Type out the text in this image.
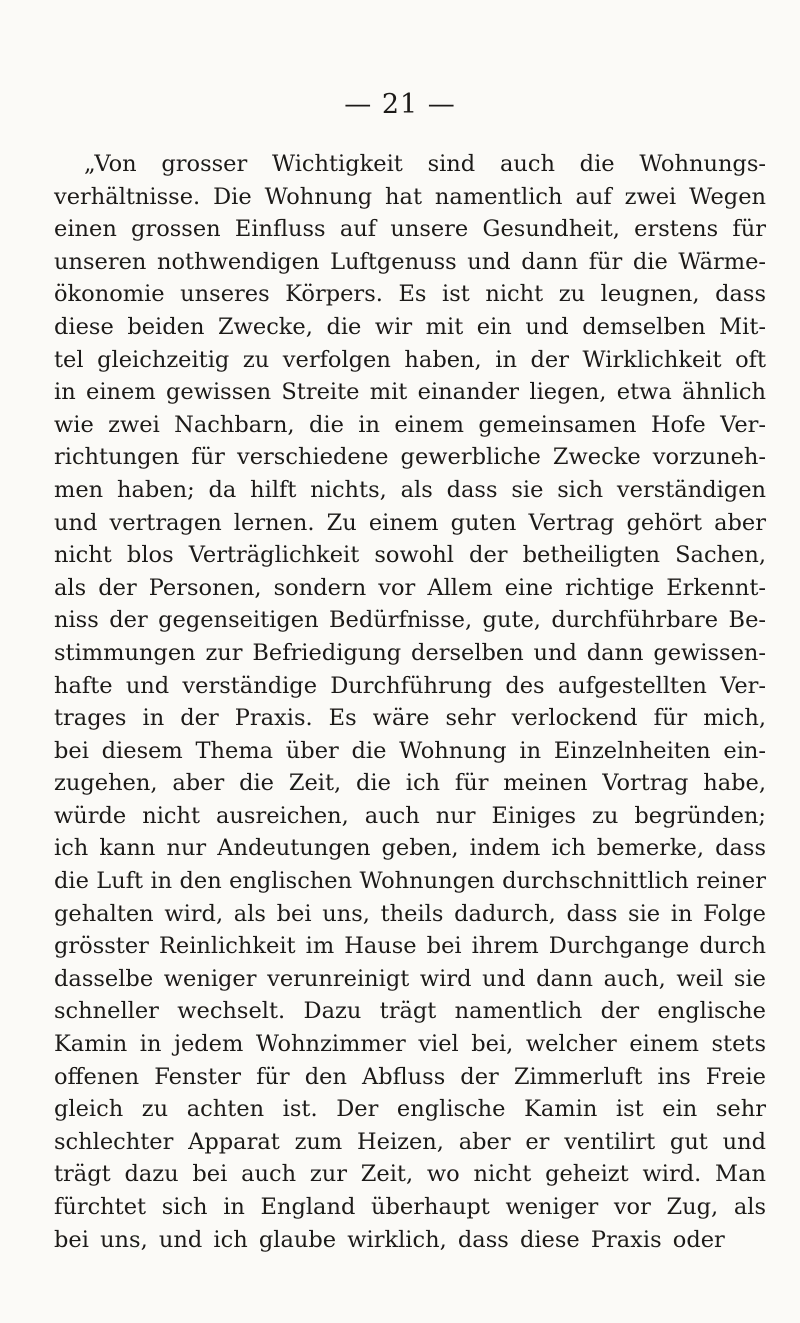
— 21 —
„Von grosser Wichtigkeit sind auch die Wohnungs-
verhältnisse. Die Wohnung hat namentlich auf zwei Wegen
einen grossen Einfluss auf unsere Gesundheit, erstens für
unseren nothwendigen Luftgenuss und dann für die Wärme-
ökonomie unseres Körpers. Es ist nicht zu leugnen, dass
diese beiden Zwecke, die wir mit ein und demselben Mit-
tel gleichzeitig zu verfolgen haben, in der Wirklichkeit oft
in einem gewissen Streite mit einander liegen, etwa ähnlich
wie zwei Nachbarn, die in einem gemeinsamen Hofe Ver-
richtungen für verschiedene gewerbliche Zwecke vorzuneh-
men haben; da hilft nichts, als dass sie sich verständigen
und vertragen lernen. Zu einem guten Vertrag gehört aber
nicht blos Verträglichkeit sowohl der betheiligten Sachen,
als der Personen, sondern vor Allem eine richtige Erkennt-
niss der gegenseitigen Bedürfnisse, gute, durchführbare Be-
stimmungen zur Befriedigung derselben und dann gewissen-
hafte und verständige Durchführung des aufgestellten Ver-
trages in der Praxis. Es wäre sehr verlockend für mich,
bei diesem Thema über die Wohnung in Einzelnheiten ein-
zugehen, aber die Zeit, die ich für meinen Vortrag habe,
würde nicht ausreichen, auch nur Einiges zu begründen;
ich kann nur Andeutungen geben, indem ich bemerke, dass
die Luft in den englischen Wohnungen durchschnittlich reiner
gehalten wird, als bei uns, theils dadurch, dass sie in Folge
grösster Reinlichkeit im Hause bei ihrem Durchgange durch
dasselbe weniger verunreinigt wird und dann auch, weil sie
schneller wechselt. Dazu trägt namentlich der englische
Kamin in jedem Wohnzimmer viel bei, welcher einem stets
offenen Fenster für den Abfluss der Zimmerluft ins Freie
gleich zu achten ist. Der englische Kamin ist ein sehr
schlechter Apparat zum Heizen, aber er ventilirt gut und
trägt dazu bei auch zur Zeit, wo nicht geheizt wird. Man
fürchtet sich in England überhaupt weniger vor Zug, als
bei uns, und ich glaube wirklich, dass diese Praxis oder
